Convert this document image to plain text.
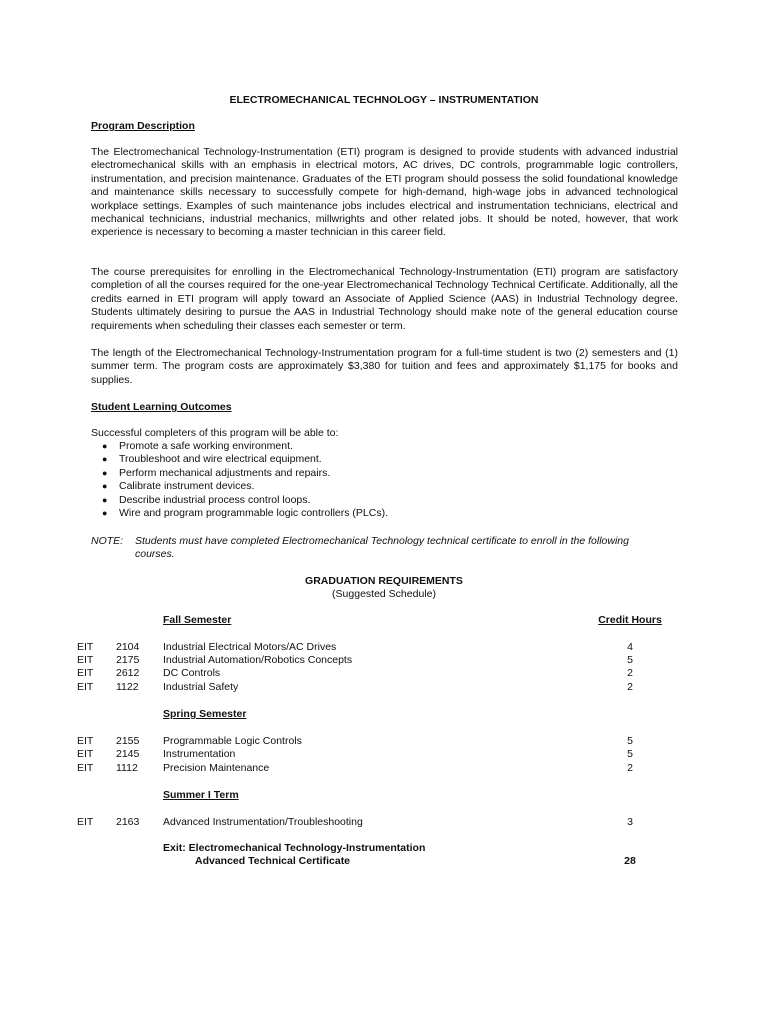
ELECTROMECHANICAL TECHNOLOGY – INSTRUMENTATION
Program Description

The Electromechanical Technology-Instrumentation (ETI) program is designed to provide students with advanced industrial electromechanical skills with an emphasis in electrical motors, AC drives, DC controls, programmable logic controllers, instrumentation, and precision maintenance. Graduates of the ETI program should possess the solid foundational knowledge and maintenance skills necessary to successfully compete for high-demand, high-wage jobs in advanced technological workplace settings. Examples of such maintenance jobs includes electrical and instrumentation technicians, electrical and mechanical technicians, industrial mechanics, millwrights and other related jobs. It should be noted, however, that work experience is necessary to becoming a master technician in this career field.

The course prerequisites for enrolling in the Electromechanical Technology-Instrumentation (ETI) program are satisfactory completion of all the courses required for the one-year Electromechanical Technology Technical Certificate. Additionally, all the credits earned in ETI program will apply toward an Associate of Applied Science (AAS) in Industrial Technology degree. Students ultimately desiring to pursue the AAS in Industrial Technology should make note of the general education course requirements when scheduling their classes each semester or term.

The length of the Electromechanical Technology-Instrumentation program for a full-time student is two (2) semesters and (1) summer term. The program costs are approximately $3,380 for tuition and fees and approximately $1,175 for books and supplies.

Student Learning Outcomes
Successful completers of this program will be able to:
● Promote a safe working environment.
● Troubleshoot and wire electrical equipment.
● Perform mechanical adjustments and repairs.
● Calibrate instrument devices.
● Describe industrial process control loops.
● Wire and program programmable logic controllers (PLCs).

NOTE: Students must have completed Electromechanical Technology technical certificate to enroll in the following
courses.

GRADUATION REQUIREMENTS
(Suggested Schedule)
Fall Semester	Credit Hours
EIT 2104 Industrial Electrical Motors/AC Drives	4
EIT 2175 Industrial Automation/Robotics Concepts	5
EIT 2612 DC Controls	2
EIT 1122 Industrial Safety	2
Spring Semester
EIT 2155 Programmable Logic Controls	5
EIT 2145 Instrumentation	5
EIT 1112 Precision Maintenance	2
Summer I Term
EIT 2163 Advanced Instrumentation/Troubleshooting	3
Exit: Electromechanical Technology-Instrumentation
Advanced Technical Certificate	28
